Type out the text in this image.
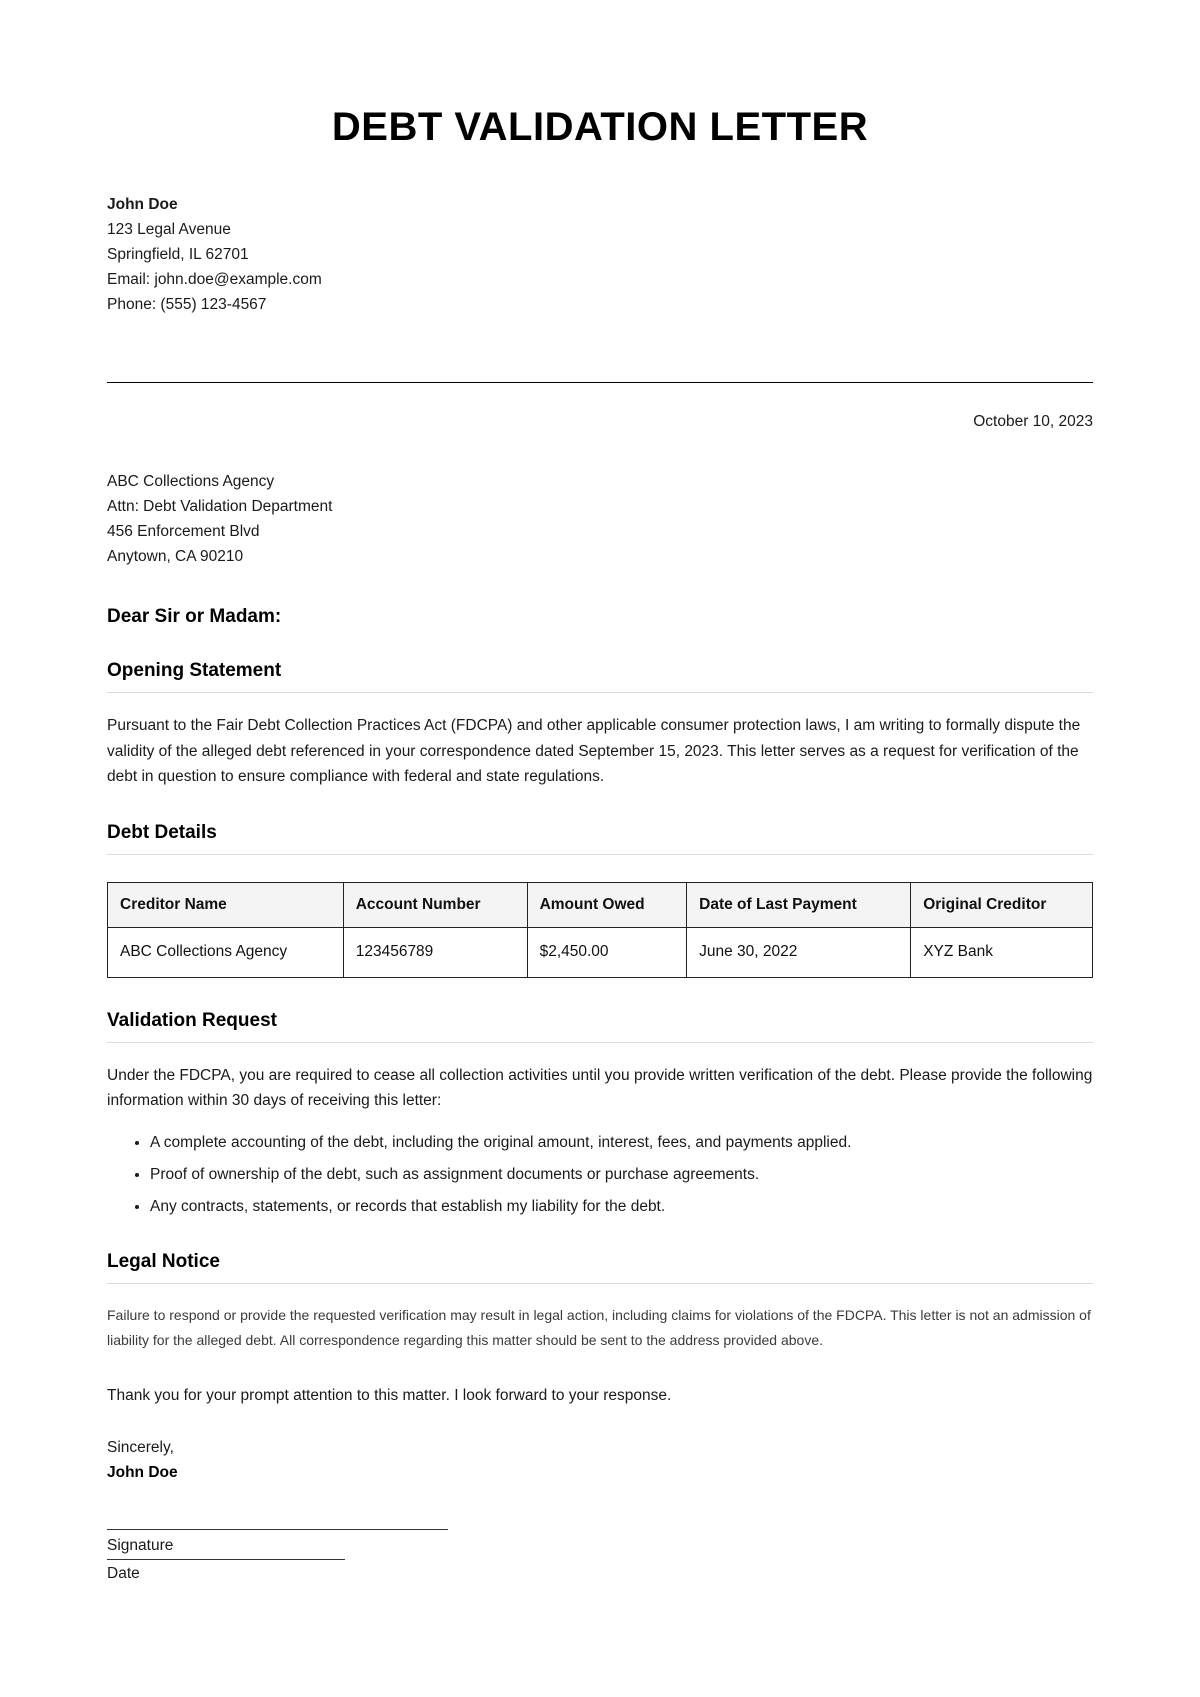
DEBT VALIDATION LETTER
John Doe
123 Legal Avenue
Springfield, IL 62701
Email: john.doe@example.com
Phone: (555) 123-4567
October 10, 2023
ABC Collections Agency
Attn: Debt Validation Department
456 Enforcement Blvd
Anytown, CA 90210
Dear Sir or Madam:
Opening Statement

Pursuant to the Fair Debt Collection Practices Act (FDCPA) and other applicable consumer protection laws, I am writing to formally dispute the validity of the alleged debt referenced in your correspondence dated September 15, 2023. This letter serves as a request for verification of the debt in question to ensure compliance with federal and state regulations.

Debt Details
Creditor Name	Account Number	Amount Owed	Date of Last Payment	Original Creditor
ABC Collections Agency	123456789	$2,450.00	June 30, 2022	XYZ Bank
Validation Request

Under the FDCPA, you are required to cease all collection activities until you provide written verification of the debt. Please provide the following information within 30 days of receiving this letter:

• A complete accounting of the debt, including the original amount, interest, fees, and payments applied.
• Proof of ownership of the debt, such as assignment documents or purchase agreements.
• Any contracts, statements, or records that establish my liability for the debt.
Legal Notice

Failure to respond or provide the requested verification may result in legal action, including claims for violations of the FDCPA. This letter is not an admission of liability for the alleged debt. All correspondence regarding this matter should be sent to the address provided above.

Thank you for your prompt attention to this matter. I look forward to your response.

Sincerely,
John Doe
Signature
Date
